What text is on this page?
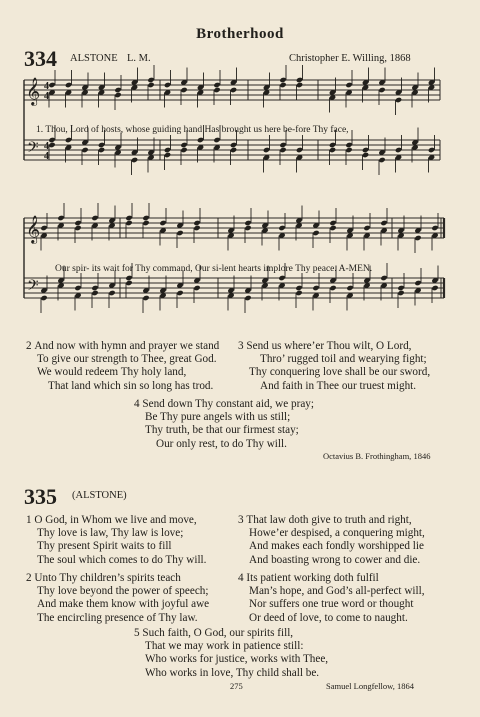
Brotherhood
334 ALSTONE L. M.	Christopher E. Willing, 1868
𝄞
𝄢
4
4
4
4
1. Thou, Lord of hosts, whose guiding hand Has brought us here be-fore Thy face,
𝄞
𝄢
Our spir- its wait for Thy command, Our si-lent hearts implore Thy peace. A-MEN.
2 And now with hymn and prayer we stand
To give our strength to Thee, great God.
We would redeem Thy holy land,
That land which sin so long has trod.
3 Send us where’er Thou wilt, O Lord,
Thro’ rugged toil and wearying fight;
Thy conquering love shall be our sword,
And faith in Thee our truest might.
4 Send down Thy constant aid, we pray;
Be Thy pure angels with us still;
Thy truth, be that our firmest stay;
Our only rest, to do Thy will.
Octavius B. Frothingham, 1846
335 (ALSTONE)
1 O God, in Whom we live and move,
Thy love is law, Thy law is love;
Thy present Spirit waits to fill
The soul which comes to do Thy will.
3 That law doth give to truth and right,
Howe’er despised, a conquering might,
And makes each fondly worshipped lie
And boasting wrong to cower and die.
2 Unto Thy children’s spirits teach
Thy love beyond the power of speech;
And make them know with joyful awe
The encircling presence of Thy law.
4 Its patient working doth fulfil
Man’s hope, and God’s all-perfect will,
Nor suffers one true word or thought
Or deed of love, to come to naught.
5 Such faith, O God, our spirits fill,
That we may work in patience still:
Who works for justice, works with Thee,
Who works in love, Thy child shall be.
275	Samuel Longfellow, 1864
